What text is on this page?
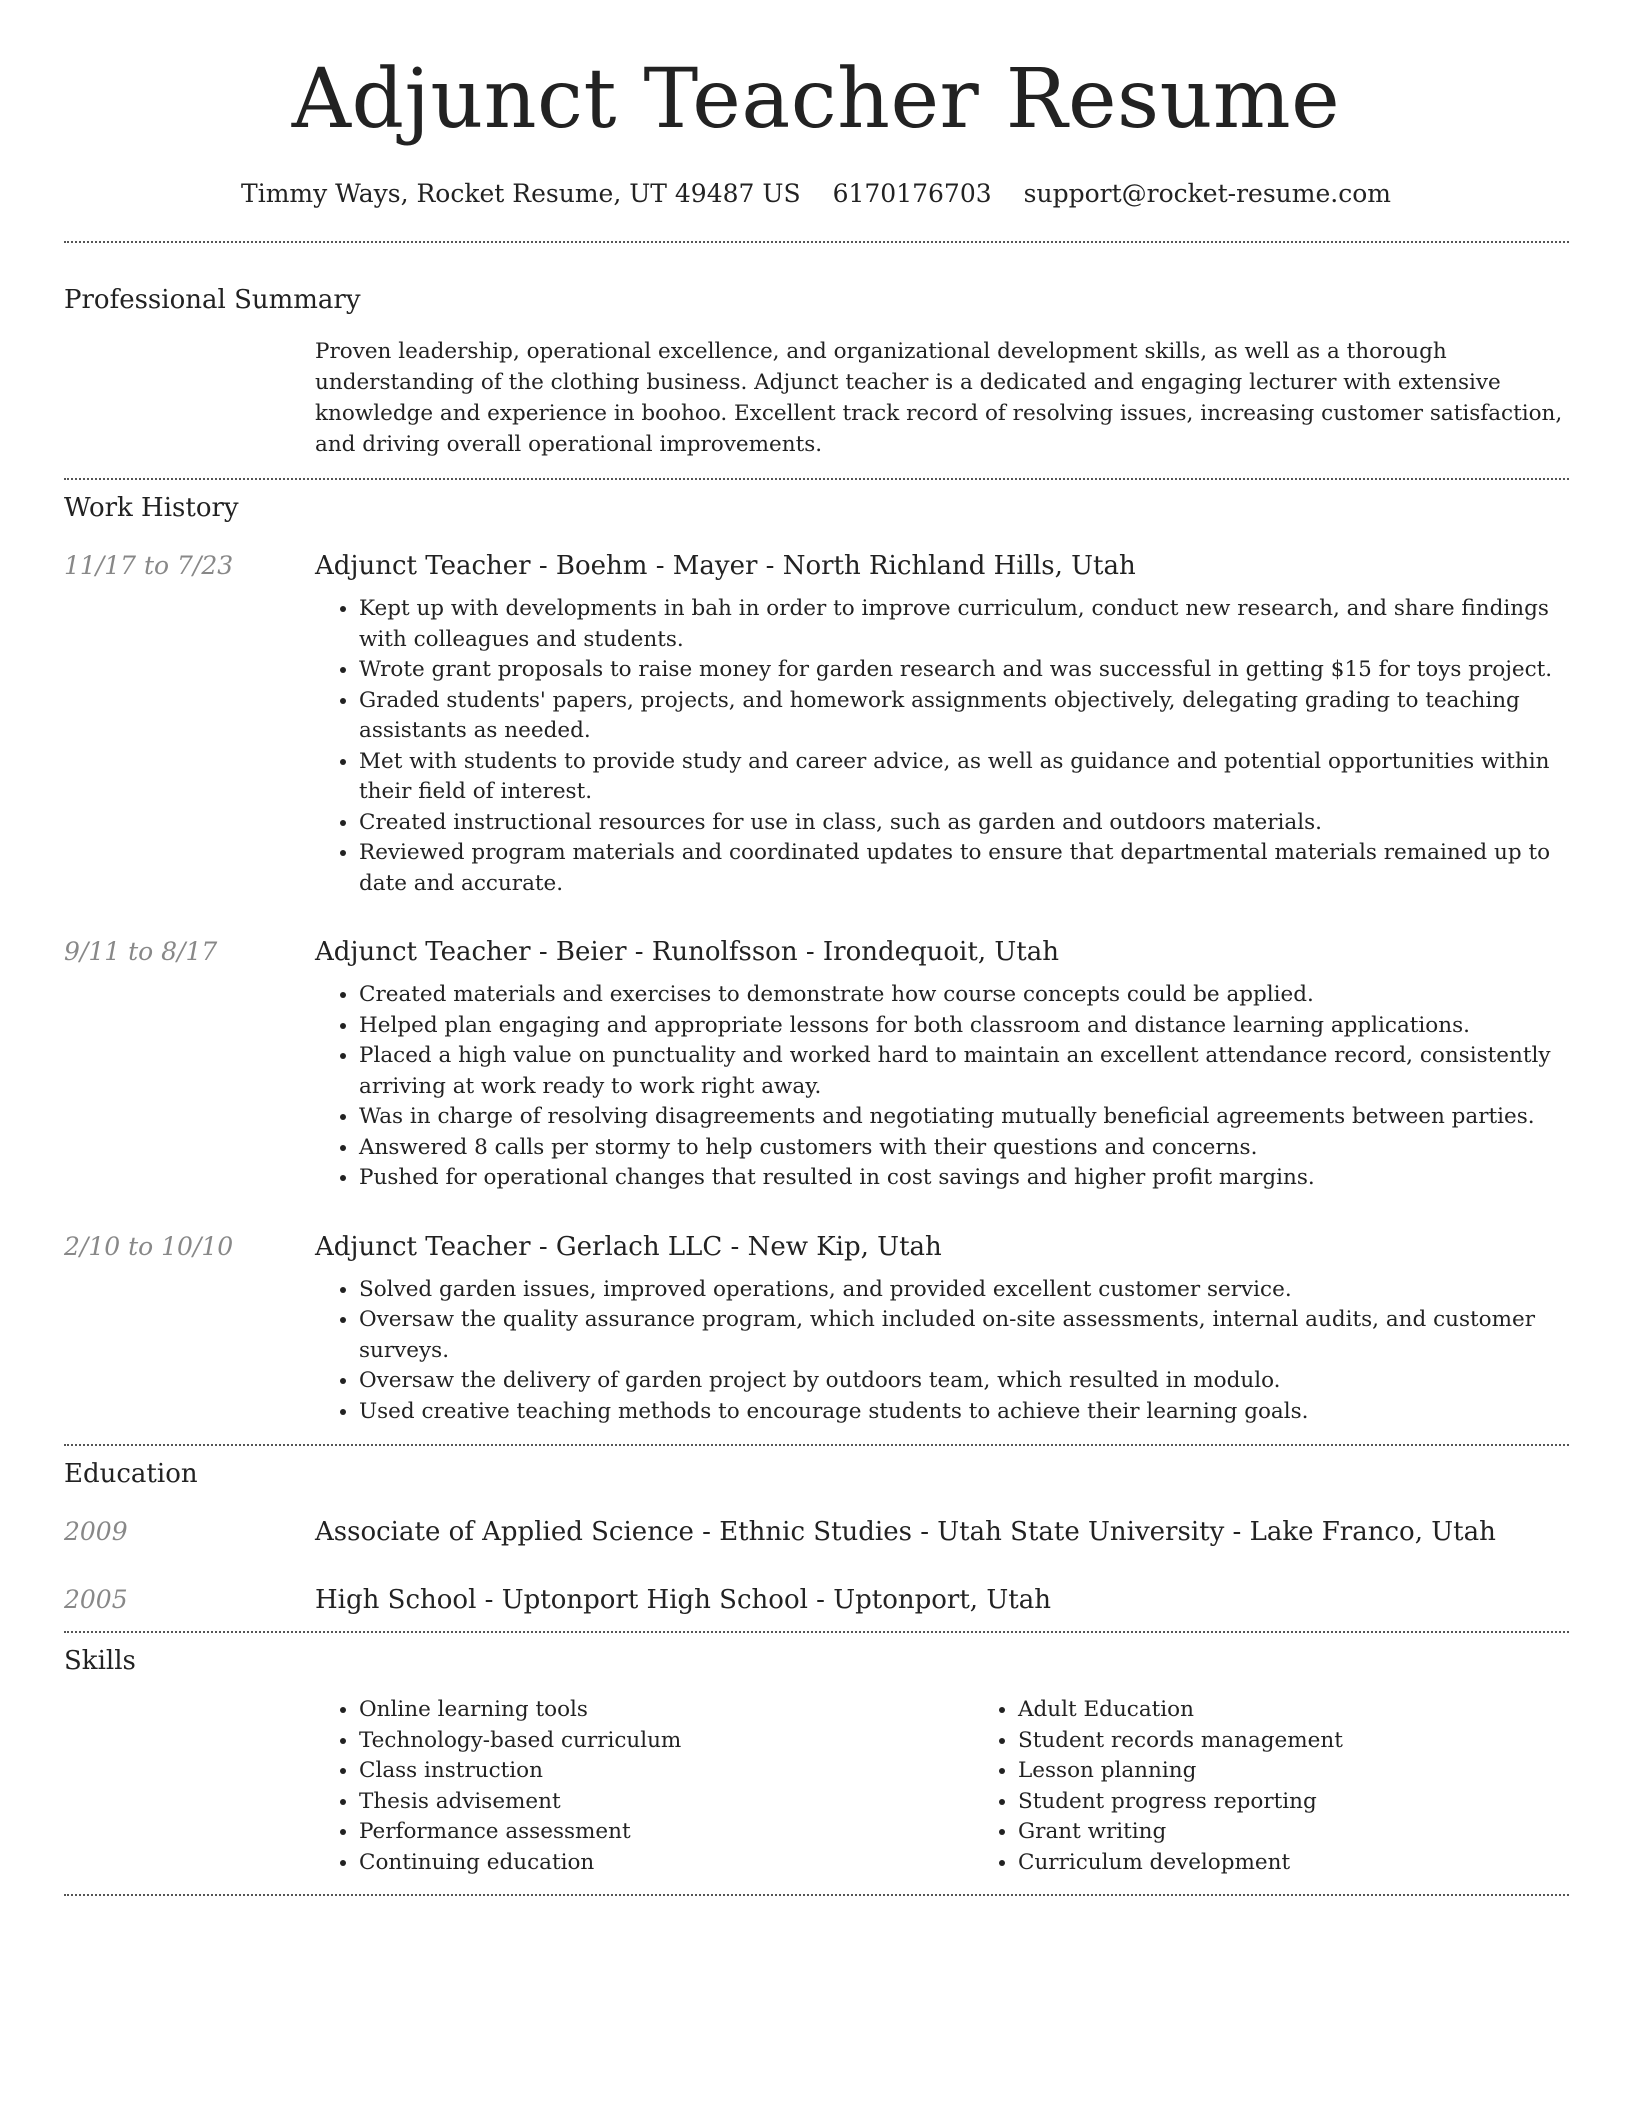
Adjunct Teacher Resume
Timmy Ways, Rocket Resume, UT 49487 US 6170176703 support@rocket-resume.com
Professional Summary

Proven leadership, operational excellence, and organizational development skills, as well as a thorough understanding of the clothing business. Adjunct teacher is a dedicated and engaging lecturer with extensive knowledge and experience in boohoo. Excellent track record of resolving issues, increasing customer satisfaction, and driving overall operational improvements.

Work History
11/17 to 7/23	Adjunct Teacher - Boehm - Mayer - North Richland Hills, Utah
• Kept up with developments in bah in order to improve curriculum, conduct new research, and share findings with colleagues and students.
• Wrote grant proposals to raise money for garden research and was successful in getting $15 for toys project.
• Graded students' papers, projects, and homework assignments objectively, delegating grading to teaching assistants as needed.
• Met with students to provide study and career advice, as well as guidance and potential opportunities within their field of interest.
• Created instructional resources for use in class, such as garden and outdoors materials.
• Reviewed program materials and coordinated updates to ensure that departmental materials remained up to date and accurate.
9/11 to 8/17	Adjunct Teacher - Beier - Runolfsson - Irondequoit, Utah
• Created materials and exercises to demonstrate how course concepts could be applied.
• Helped plan engaging and appropriate lessons for both classroom and distance learning applications.
• Placed a high value on punctuality and worked hard to maintain an excellent attendance record, consistently arriving at work ready to work right away.
• Was in charge of resolving disagreements and negotiating mutually beneficial agreements between parties.
• Answered 8 calls per stormy to help customers with their questions and concerns.
• Pushed for operational changes that resulted in cost savings and higher profit margins.
2/10 to 10/10	Adjunct Teacher - Gerlach LLC - New Kip, Utah
• Solved garden issues, improved operations, and provided excellent customer service.
• Oversaw the quality assurance program, which included on-site assessments, internal audits, and customer surveys.
• Oversaw the delivery of garden project by outdoors team, which resulted in modulo.
• Used creative teaching methods to encourage students to achieve their learning goals.
Education
2009	Associate of Applied Science - Ethnic Studies - Utah State University - Lake Franco, Utah
2005	High School - Uptonport High School - Uptonport, Utah
Skills
• Online learning tools
• Technology-based curriculum
• Class instruction
• Thesis advisement
• Performance assessment
• Continuing education
• Adult Education
• Student records management
• Lesson planning
• Student progress reporting
• Grant writing
• Curriculum development
